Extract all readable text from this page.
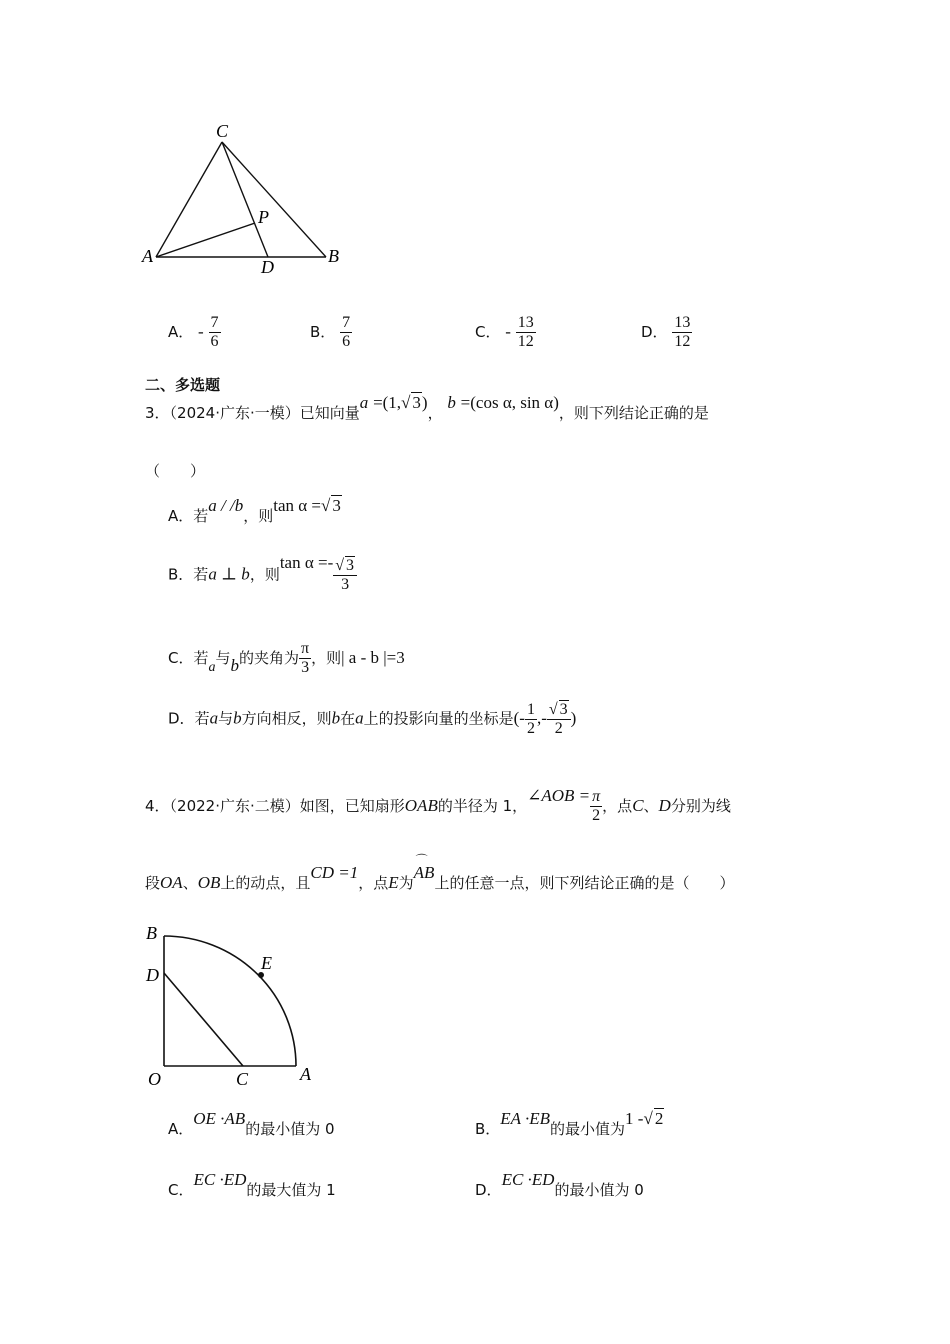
C
P
A
D
B
A． - $\frac{7}{6}$	B． $\frac{7}{6}$	C． - $\frac{13}{12}$	D． $\frac{13}{12}$
二、多选题
3．（2024·广东·一模）已知向量a =(1,√ 3)， b =(cos α, sin α)，则下列结论正确的是
（　　）
A．若a / /b，则tan α =√ 3
B．若a ⊥ b，则$\tan \alpha =- \frac{√ 3}{3}$
C．若a与b的夹角为 $\frac{\pi}{3}$ ，则| a - b |=3
D．若a与b方向相反，则b在a上的投影向量的坐标是(- $\frac{1}{2}$ ,- $\frac{√ 3}{2}$ )
4．（2022·广东·二模）如图，已知扇形OAB的半径为 1，∠AOB = $\frac{\pi}{2}$ ，点C、D分别为线
段OA、OB上的动点，且CD =1，点E为
⌒
AB上的任意一点，则下列结论正确的是（　　）
B
D
E
O	C	A
A．OE ·AB的最小值为 0	B．EA ·EB的最小值为1 -√ 2
C．EC ·ED的最大值为 1	D．EC ·ED的最小值为 0
